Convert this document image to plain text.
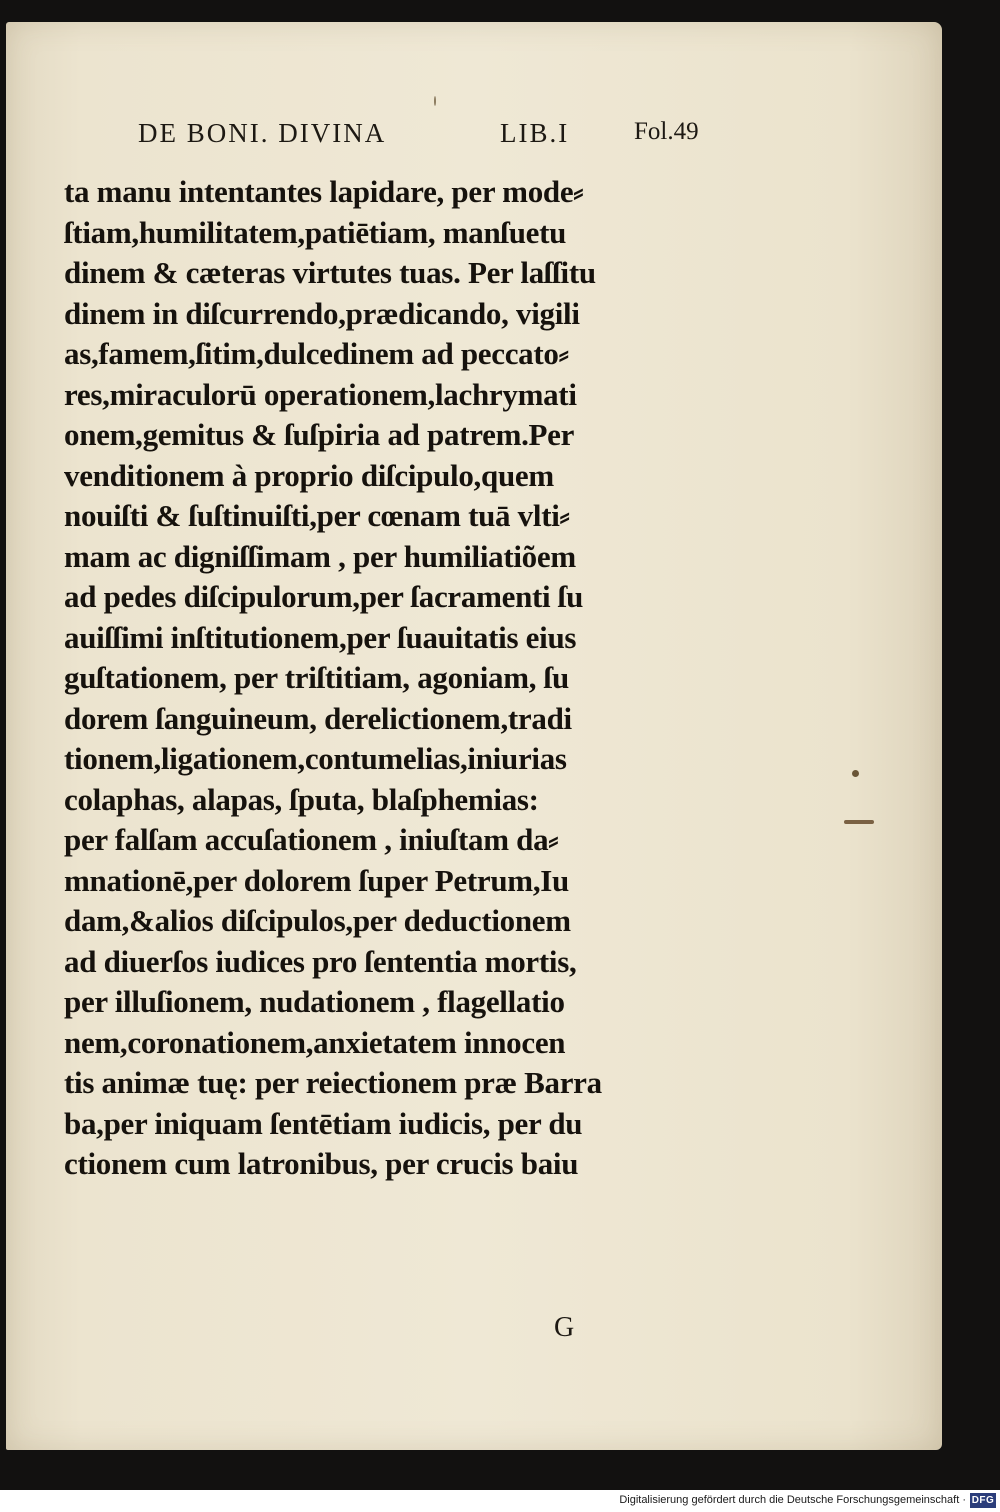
DE BONI. DIVINA	LIB.I	Fol.49
ta manu intentantes lapidare, per mode⸗
ſtiam,humilitatem,patiētiam, manſuetu
dinem & cæteras virtutes tuas. Per laſſitu
dinem in diſcurrendo,prædicando, vigili
as,famem,ſitim,dulcedinem ad peccato⸗
res,miraculorū operationem,lachrymati
onem,gemitus & ſuſpiria ad patrem.Per
venditionem à proprio diſcipulo,quem
nouiſti & ſuſtinuiſti,per cœnam tuā vlti⸗
mam ac digniſſimam , per humiliatiõem
ad pedes diſcipulorum,per ſacramenti ſu
auiſſimi inſtitutionem,per ſuauitatis eius
guſtationem, per triſtitiam, agoniam, ſu
dorem ſanguineum, derelictionem,tradi
tionem,ligationem,contumelias,iniurias
colaphas, alapas, ſputa, blaſphemias:
per falſam accuſationem , iniuſtam da⸗
mnationē,per dolorem ſuper Petrum,Iu
dam,&alios diſcipulos,per deductionem
ad diuerſos iudices pro ſententia mortis,
per illuſionem, nudationem , flagellatio
nem,coronationem,anxietatem innocen
tis animæ tuę: per reiectionem præ Barra
ba,per iniquam ſentētiam iudicis, per du
ctionem cum latronibus, per crucis baiu
G
Digitalisierung gefördert durch die Deutsche Forschungsgemeinschaft · DFG
